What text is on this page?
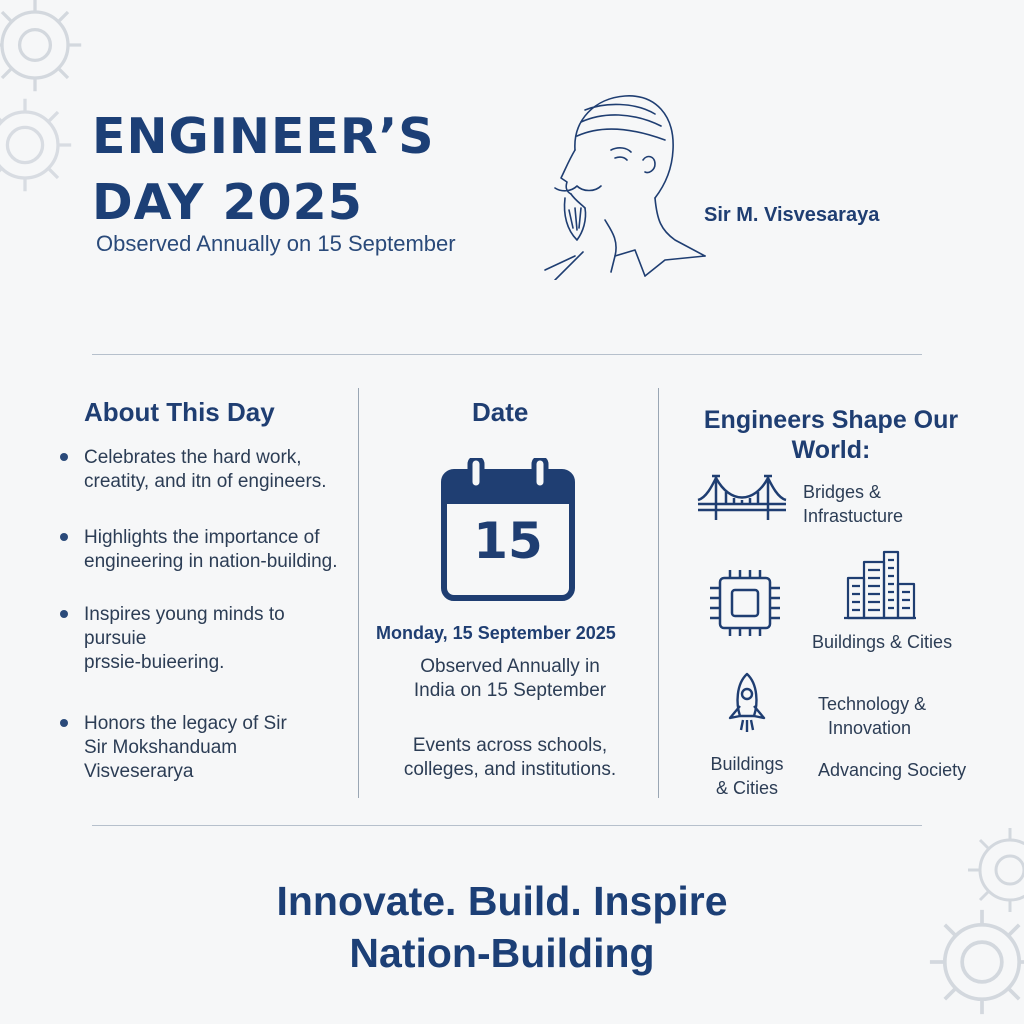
ENGINEER’S
DAY 2025
Observed Annually on 15 September
Sir M. Visvesaraya
About This Day
Celebrates the hard work,
creatity, and itn of engineers.
Highlights the importance of
engineering in nation-building.
Inspires young minds to
pursuie
prssie-buieering.
Honors the legacy of Sir
Sir Mokshanduam
Visveserarya
Date
15
Monday, 15 September 2025
Observed Annually in
India on 15 September
Events across schools,
colleges, and institutions.
Engineers Shape Our
World:
Bridges &
Infrastucture
Buildings & Cities
Technology &
Innovation
Buildings
& Cities
Advancing Society
Innovate. Build. Inspire
Nation-Building
